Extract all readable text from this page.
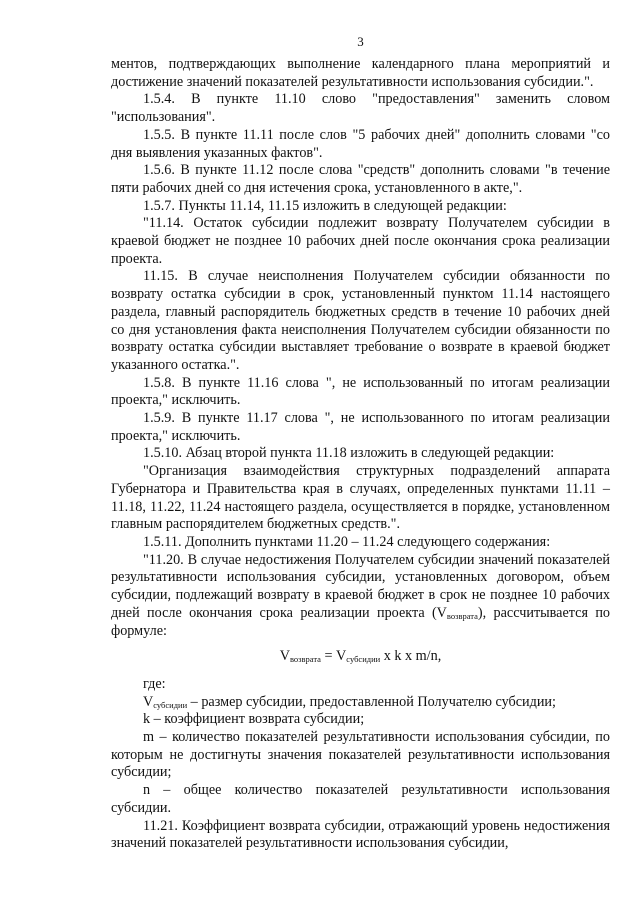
3

ментов, подтверждающих выполнение календарного плана мероприятий и достижение значений показателей результативности использования субсидии.".

1.5.4. В пункте 11.10 слово "предоставления" заменить словом "использования".

1.5.5. В пункте 11.11 после слов "5 рабочих дней" дополнить словами "со дня выявления указанных фактов".

1.5.6. В пункте 11.12 после слова "средств" дополнить словами "в течение пяти рабочих дней со дня истечения срока, установленного в акте,".

1.5.7. Пункты 11.14, 11.15 изложить в следующей редакции:

"11.14. Остаток субсидии подлежит возврату Получателем субсидии в краевой бюджет не позднее 10 рабочих дней после окончания срока реализации проекта.

11.15. В случае неисполнения Получателем субсидии обязанности по возврату остатка субсидии в срок, установленный пунктом 11.14 настоящего раздела, главный распорядитель бюджетных средств в течение 10 рабочих дней со дня установления факта неисполнения Получателем субсидии обязанности по возврату остатка субсидии выставляет требование о возврате в краевой бюджет указанного остатка.".

1.5.8. В пункте 11.16 слова ", не использованный по итогам реализации проекта," исключить.

1.5.9. В пункте 11.17 слова ", не использованного по итогам реализации проекта," исключить.

1.5.10. Абзац второй пункта 11.18 изложить в следующей редакции:

"Организация взаимодействия структурных подразделений аппарата Губернатора и Правительства края в случаях, определенных пунктами 11.11 – 11.18, 11.22, 11.24 настоящего раздела, осуществляется в порядке, установленном главным распорядителем бюджетных средств.".

1.5.11. Дополнить пунктами 11.20 – 11.24 следующего содержания:

"11.20. В случае недостижения Получателем субсидии значений показателей результативности использования субсидии, установленных договором, объем субсидии, подлежащий возврату в краевой бюджет в срок не позднее 10 рабочих дней после окончания срока реализации проекта $(V_{возврата})$, рассчитывается по формуле:

$V_{возврата} = V_{субсидии}$ x k x m/n,

где:

$V_{субсидии}$ – размер субсидии, предоставленной Получателю субсидии;

k – коэффициент возврата субсидии;

m – количество показателей результативности использования субсидии, по которым не достигнуты значения показателей результативности использования субсидии;

n – общее количество показателей результативности использования субсидии.

11.21. Коэффициент возврата субсидии, отражающий уровень недостижения значений показателей результативности использования субсидии,
